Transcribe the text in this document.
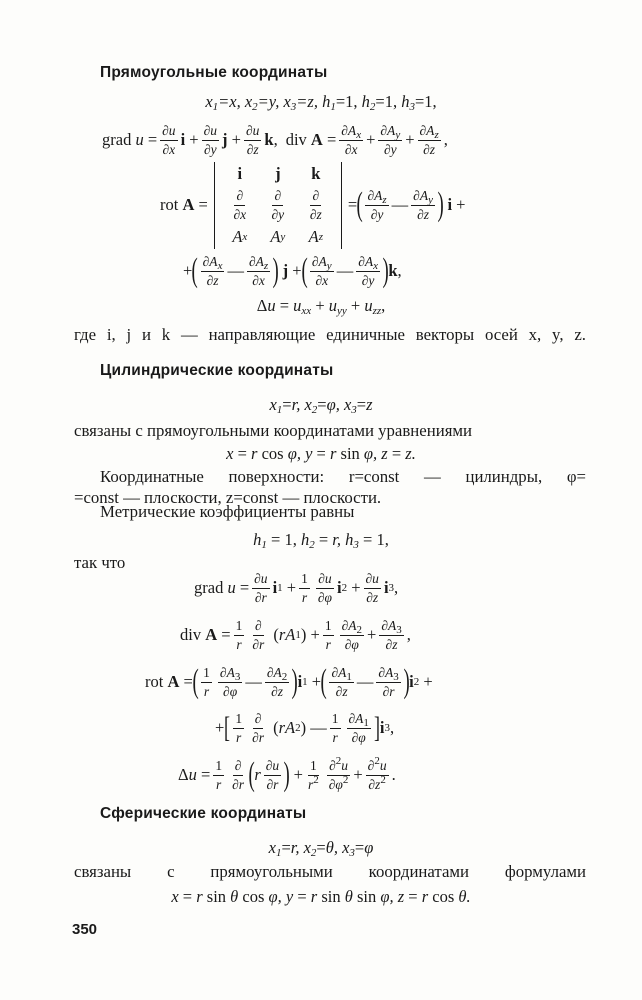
Прямоугольные координаты
$x_1=x$, $x_2=y$, $x_3=z$, $h_1=1$, $h_2=1$, $h_3=1$,
grad $u = \frac{\partial u}{\partial x}$ $i + \frac{\partial u}{\partial y}$ $j + \frac{\partial u}{\partial z}$ k , div
$A = \frac{\partial A_x}{\partial x} + \frac{\partial A_y}{\partial y} + \frac{\partial A_z}{\partial z}$ ,
rot
A =
i j k
∂
∂x
∂
∂y
∂
∂z
A x	A y	A z
= ( $\partial A_z$
∂y — $\partial A_y$
∂z )
i +
+ ( $\partial A_x$
∂z — $\partial A_z$
∂x )
j + ( $\partial A_y$
∂x — $\partial A_x$
∂y ) k ,
$\Delta u = u_{xx} + u_{yy} + u_{zz}$,
где i, j и k — направляющие единичные векторы осей x, y, z.
Цилиндрические координаты
$x_1=r$, $x_2=\varphi$, $x_3=z$
связаны с прямоугольными координатами уравнениями
x = r cos φ, y = r sin φ, z = z.
Координатные поверхности: r=const — цилиндры, φ=
=const — плоскости, z=const — плоскости.
Метрические коэффициенты равны
$h_1 = 1$, $h_2 = r$, $h_3 = 1$,
так что
grad $u = \frac{\partial u}{\partial r}$ i $1 + \frac{1}{r} \partial u$
∂φ i $2 + \frac{\partial u}{\partial z}$ i 3 ,
div
$A = \frac{1}{r}$ ∂
∂r ( rA 1 ) + $\frac{1}{r} \partial A_2$
$\partial\varphi + \frac{\partial A_3}{\partial z}$ ,
rot
A = ( 1
r
$\partial A_3$
∂φ — $\partial A_2$
∂z ) i 1 + ( $\partial A_1$
∂z — $\partial A_3$
∂r ) i 2 +
+ [ 1
r
∂
∂r ( rA 2 ) — 1
r
$\partial A_1$
∂φ ] i 3 ,
Δ $u = \frac{1}{r}$ ∂
∂r ( r ∂u
∂r ) + $\frac{1}{r^2} \partial^2u$
$\partial\varphi^2 + \frac{\partial^2u}{\partial z^2}$ .
Сферические координаты
$x_1=r$, $x_2=\theta$, $x_3=\varphi$
связаны с прямоугольными координатами формулами
x = r sin θ cos φ, y = r sin θ sin φ, z = r cos θ.
350
